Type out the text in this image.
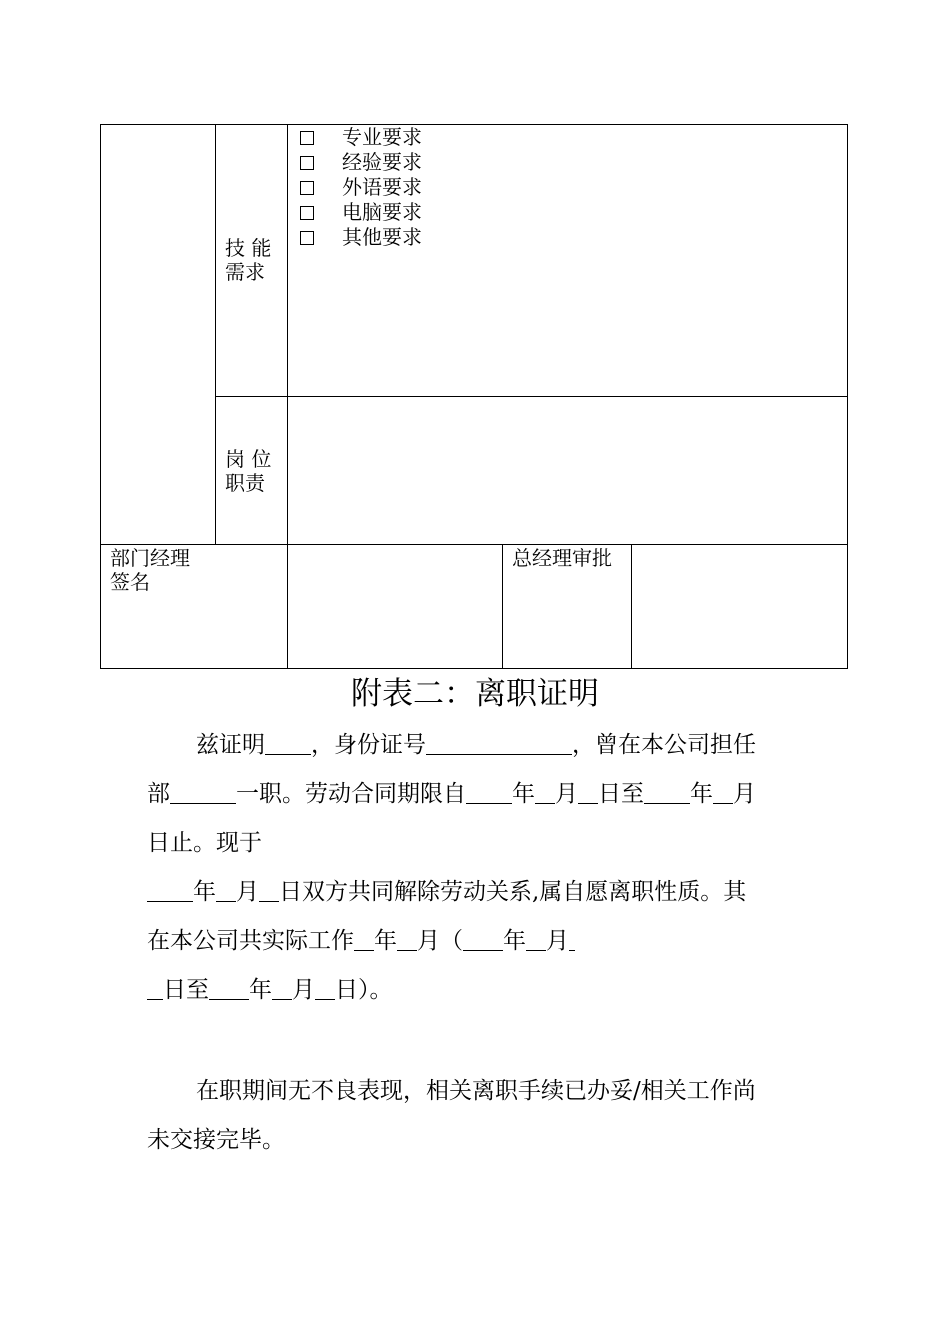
技 能
需求
专业要求
经验要求
外语要求
电脑要求
其他要求
岗 位
职责
部门经理
签名
总经理审批
附表二：离职证明
兹证明 ，身份证号	，曾在本公司担任
部	一职。劳动合同期限自 年 月 日至 年 月
日止。现于
年 月 日双方共同解除劳动关系,属自愿离职性质。其
在本公司共实际工作 年 月（ 年 月
日至 年 月 日）。
在职期间无不良表现，相关离职手续已办妥/相关工作尚
未交接完毕。
